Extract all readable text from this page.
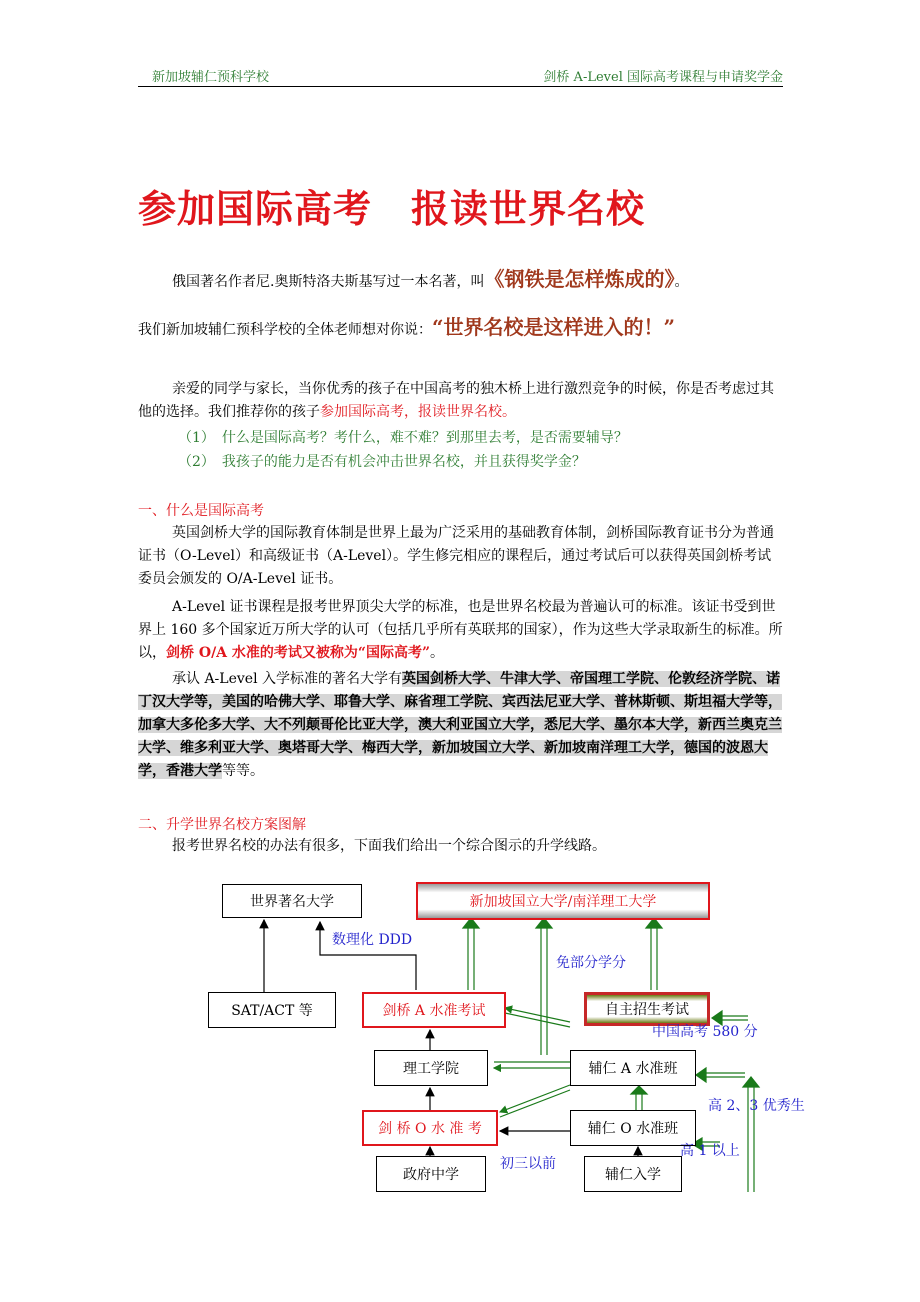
新加坡辅仁预科学校	剑桥 A-Level 国际高考课程与申请奖学金
参加国际高考　报读世界名校
俄国著名作者尼.奥斯特洛夫斯基写过一本名著，叫《钢铁是怎样炼成的》。
我们新加坡辅仁预科学校的全体老师想对你说：“世界名校是这样进入的！”
亲爱的同学与家长，当你优秀的孩子在中国高考的独木桥上进行激烈竞争的时候，你是否考虑过其他的选择。我们推荐你的孩子参加国际高考，报读世界名校。
（1）　什么是国际高考？考什么，难不难？到那里去考，是否需要辅导？
（2）　我孩子的能力是否有机会冲击世界名校，并且获得奖学金？
一、什么是国际高考
英国剑桥大学的国际教育体制是世界上最为广泛采用的基础教育体制，剑桥国际教育证书分为普通证书（O-Level）和高级证书（A-Level）。学生修完相应的课程后，通过考试后可以获得英国剑桥考试委员会颁发的 O/A-Level 证书。
A-Level 证书课程是报考世界顶尖大学的标准，也是世界名校最为普遍认可的标准。该证书受到世界上 160 多个国家近万所大学的认可（包括几乎所有英联邦的国家），作为这些大学录取新生的标准。所以，剑桥 O/A 水准的考试又被称为“国际高考”。
承认 A-Level 入学标准的著名大学有英国剑桥大学、牛津大学、帝国理工学院、伦敦经济学院、诺丁汉大学等，美国的哈佛大学、耶鲁大学、麻省理工学院、宾西法尼亚大学、普林斯顿、斯坦福大学等，加拿大多伦多大学、大不列颠哥伦比亚大学，澳大利亚国立大学，悉尼大学、墨尔本大学，新西兰奥克兰大学、维多利亚大学、奥塔哥大学、梅西大学，新加坡国立大学、新加坡南洋理工大学，德国的波恩大学，香港大学等等。
二、升学世界名校方案图解
报考世界名校的办法有很多，下面我们给出一个综合图示的升学线路。
世界著名大学	新加坡国立大学/南洋理工大学
SAT/ACT 等	剑桥 A 水准考试	自主招生考试
理工学院	辅仁 A 水准班
剑 桥 O 水 准 考	辅仁 O 水准班
政府中学	辅仁入学
数理化 DDD
免部分学分
中国高考 580 分
高 2、3 优秀生
高 1 以上
初三以前
